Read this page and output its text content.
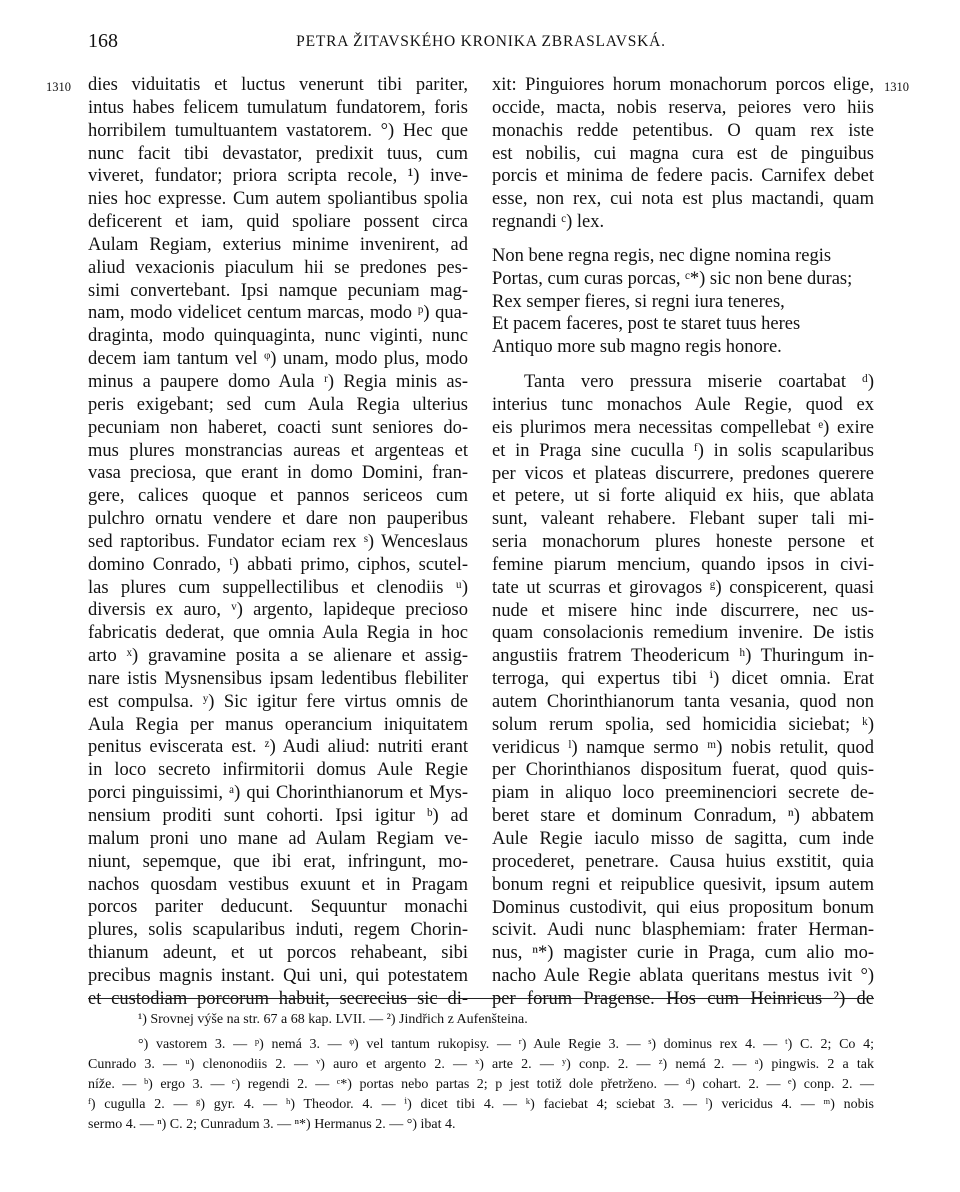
168	PETRA ŽITAVSKÉHO KRONIKA ZBRASLAVSKÁ.
1310	1310
dies viduitatis et luctus venerunt tibi pariter,
intus habes felicem tumulatum fundatorem, foris
horribilem tumultuantem vastatorem. °) Hec que
nunc facit tibi devastator, predixit tuus, cum
viveret, fundator; priora scripta recole, ¹) inve-
nies hoc expresse. Cum autem spoliantibus spolia
deficerent et iam, quid spoliare possent circa
Aulam Regiam, exterius minime invenirent, ad
aliud vexacionis piaculum hii se predones pes-
simi convertebant. Ipsi namque pecuniam mag-
nam, modo videlicet centum marcas, modo ᵖ) qua-
draginta, modo quinquaginta, nunc viginti, nunc
decem iam tantum vel ᵠ) unam, modo plus, modo
minus a paupere domo Aula ʳ) Regia minis as-
peris exigebant; sed cum Aula Regia ulterius
pecuniam non haberet, coacti sunt seniores do-
mus plures monstrancias aureas et argenteas et
vasa preciosa, que erant in domo Domini, fran-
gere, calices quoque et pannos sericeos cum
pulchro ornatu vendere et dare non pauperibus
sed raptoribus. Fundator eciam rex ˢ) Wenceslaus
domino Conrado, ᵗ) abbati primo, ciphos, scutel-
las plures cum suppellectilibus et clenodiis ᵘ)
diversis ex auro, ᵛ) argento, lapideque precioso
fabricatis dederat, que omnia Aula Regia in hoc
arto ˣ) gravamine posita a se alienare et assig-
nare istis Mysnensibus ipsam ledentibus flebiliter
est compulsa. ʸ) Sic igitur fere virtus omnis de
Aula Regia per manus operancium iniquitatem
penitus eviscerata est. ᶻ) Audi aliud: nutriti erant
in loco secreto infirmitorii domus Aule Regie
porci pinguissimi, ᵃ) qui Chorinthianorum et Mys-
nensium proditi sunt cohorti. Ipsi igitur ᵇ) ad
malum proni uno mane ad Aulam Regiam ve-
niunt, sepemque, que ibi erat, infringunt, mo-
nachos quosdam vestibus exuunt et in Pragam
porcos pariter deducunt. Sequuntur monachi
plures, solis scapularibus induti, regem Chorin-
thianum adeunt, et ut porcos rehabeant, sibi
precibus magnis instant. Qui uni, qui potestatem
et custodiam porcorum habuit, secrecius sic di-
xit: Pinguiores horum monachorum porcos elige,
occide, macta, nobis reserva, peiores vero hiis
monachis redde petentibus. O quam rex iste
est nobilis, cui magna cura est de pinguibus
porcis et minima de federe pacis. Carnifex debet
esse, non rex, cui nota est plus mactandi, quam
regnandi ᶜ) lex.
Non bene regna regis, nec digne nomina regis
Portas, cum curas porcas, ᶜ*) sic non bene duras;
Rex semper fieres, si regni iura teneres,
Et pacem faceres, post te staret tuus heres
Antiquo more sub magno regis honore.
Tanta vero pressura miserie coartabat ᵈ)
interius tunc monachos Aule Regie, quod ex
eis plurimos mera necessitas compellebat ᵉ) exire
et in Praga sine cuculla ᶠ) in solis scapularibus
per vicos et plateas discurrere, predones querere
et petere, ut si forte aliquid ex hiis, que ablata
sunt, valeant rehabere. Flebant super tali mi-
seria monachorum plures honeste persone et
femine piarum mencium, quando ipsos in civi-
tate ut scurras et girovagos ᵍ) conspicerent, quasi
nude et misere hinc inde discurrere, nec us-
quam consolacionis remedium invenire. De istis
angustiis fratrem Theodericum ʰ) Thuringum in-
terroga, qui expertus tibi ⁱ) dicet omnia. Erat
autem Chorinthianorum tanta vesania, quod non
solum rerum spolia, sed homicidia siciebat; ᵏ)
veridicus ˡ) namque sermo ᵐ) nobis retulit, quod
per Chorinthianos dispositum fuerat, quod quis-
piam in aliquo loco preeminenciori secrete de-
beret stare et dominum Conradum, ⁿ) abbatem
Aule Regie iaculo misso de sagitta, cum inde
procederet, penetrare. Causa huius exstitit, quia
bonum regni et reipublice quesivit, ipsum autem
Dominus custodivit, qui eius propositum bonum
scivit. Audi nunc blasphemiam: frater Herman-
nus, ⁿ*) magister curie in Praga, cum alio mo-
nacho Aule Regie ablata queritans mestus ivit °)
per forum Pragense. Hos cum Heinricus ²) de
¹) Srovnej výše na str. 67 a 68 kap. LVII. — ²) Jindřich z Aufenšteina.
°) vastorem 3. — ᵖ) nemá 3. — ᵠ) vel tantum rukopisy. — ʳ) Aule Regie 3. — ˢ) dominus rex 4. — ᵗ) C. 2; Co 4;
Cunrado 3. — ᵘ) clenonodiis 2. — ᵛ) auro et argento 2. — ˣ) arte 2. — ʸ) conp. 2. — ᶻ) nemá 2. — ᵃ) pingwis. 2 a tak
níže. — ᵇ) ergo 3. — ᶜ) regendi 2. — ᶜ*) portas nebo partas 2; p jest totiž dole přetrženo. — ᵈ) cohart. 2. — ᵉ) conp. 2. —
ᶠ) cugulla 2. — ᵍ) gyr. 4. — ʰ) Theodor. 4. — ⁱ) dicet tibi 4. — ᵏ) faciebat 4; sciebat 3. — ˡ) vericidus 4. — ᵐ) nobis
sermo 4. — ⁿ) C. 2; Cunradum 3. — ⁿ*) Hermanus 2. — °) ibat 4.
